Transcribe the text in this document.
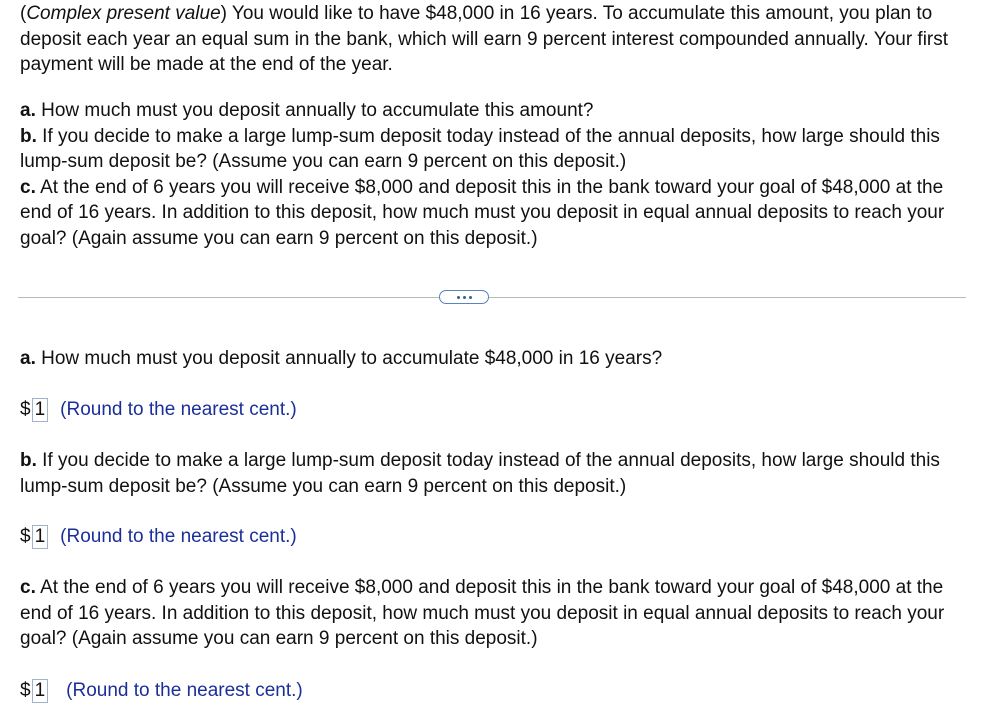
(Complex present value) You would like to have $48,000 in 16 years. To accumulate this amount, you plan to deposit each year an equal sum in the bank, which will earn 9 percent interest compounded annually. Your first payment will be made at the end of the year.

a. How much must you deposit annually to accumulate this amount?

b. If you decide to make a large lump-sum deposit today instead of the annual deposits, how large should this lump-sum deposit be? (Assume you can earn 9 percent on this deposit.)

c. At the end of 6 years you will receive $8,000 and deposit this in the bank toward your goal of $48,000 at the end of 16 years. In addition to this deposit, how much must you deposit in equal annual deposits to reach your goal? (Again assume you can earn 9 percent on this deposit.)

a. How much must you deposit annually to accumulate $48,000 in 16 years?

$ 1 (Round to the nearest cent.)

b. If you decide to make a large lump-sum deposit today instead of the annual deposits, how large should this lump-sum deposit be? (Assume you can earn 9 percent on this deposit.)

$ 1 (Round to the nearest cent.)

c. At the end of 6 years you will receive $8,000 and deposit this in the bank toward your goal of $48,000 at the end of 16 years. In addition to this deposit, how much must you deposit in equal annual deposits to reach your goal? (Again assume you can earn 9 percent on this deposit.)

$ 1 (Round to the nearest cent.)
